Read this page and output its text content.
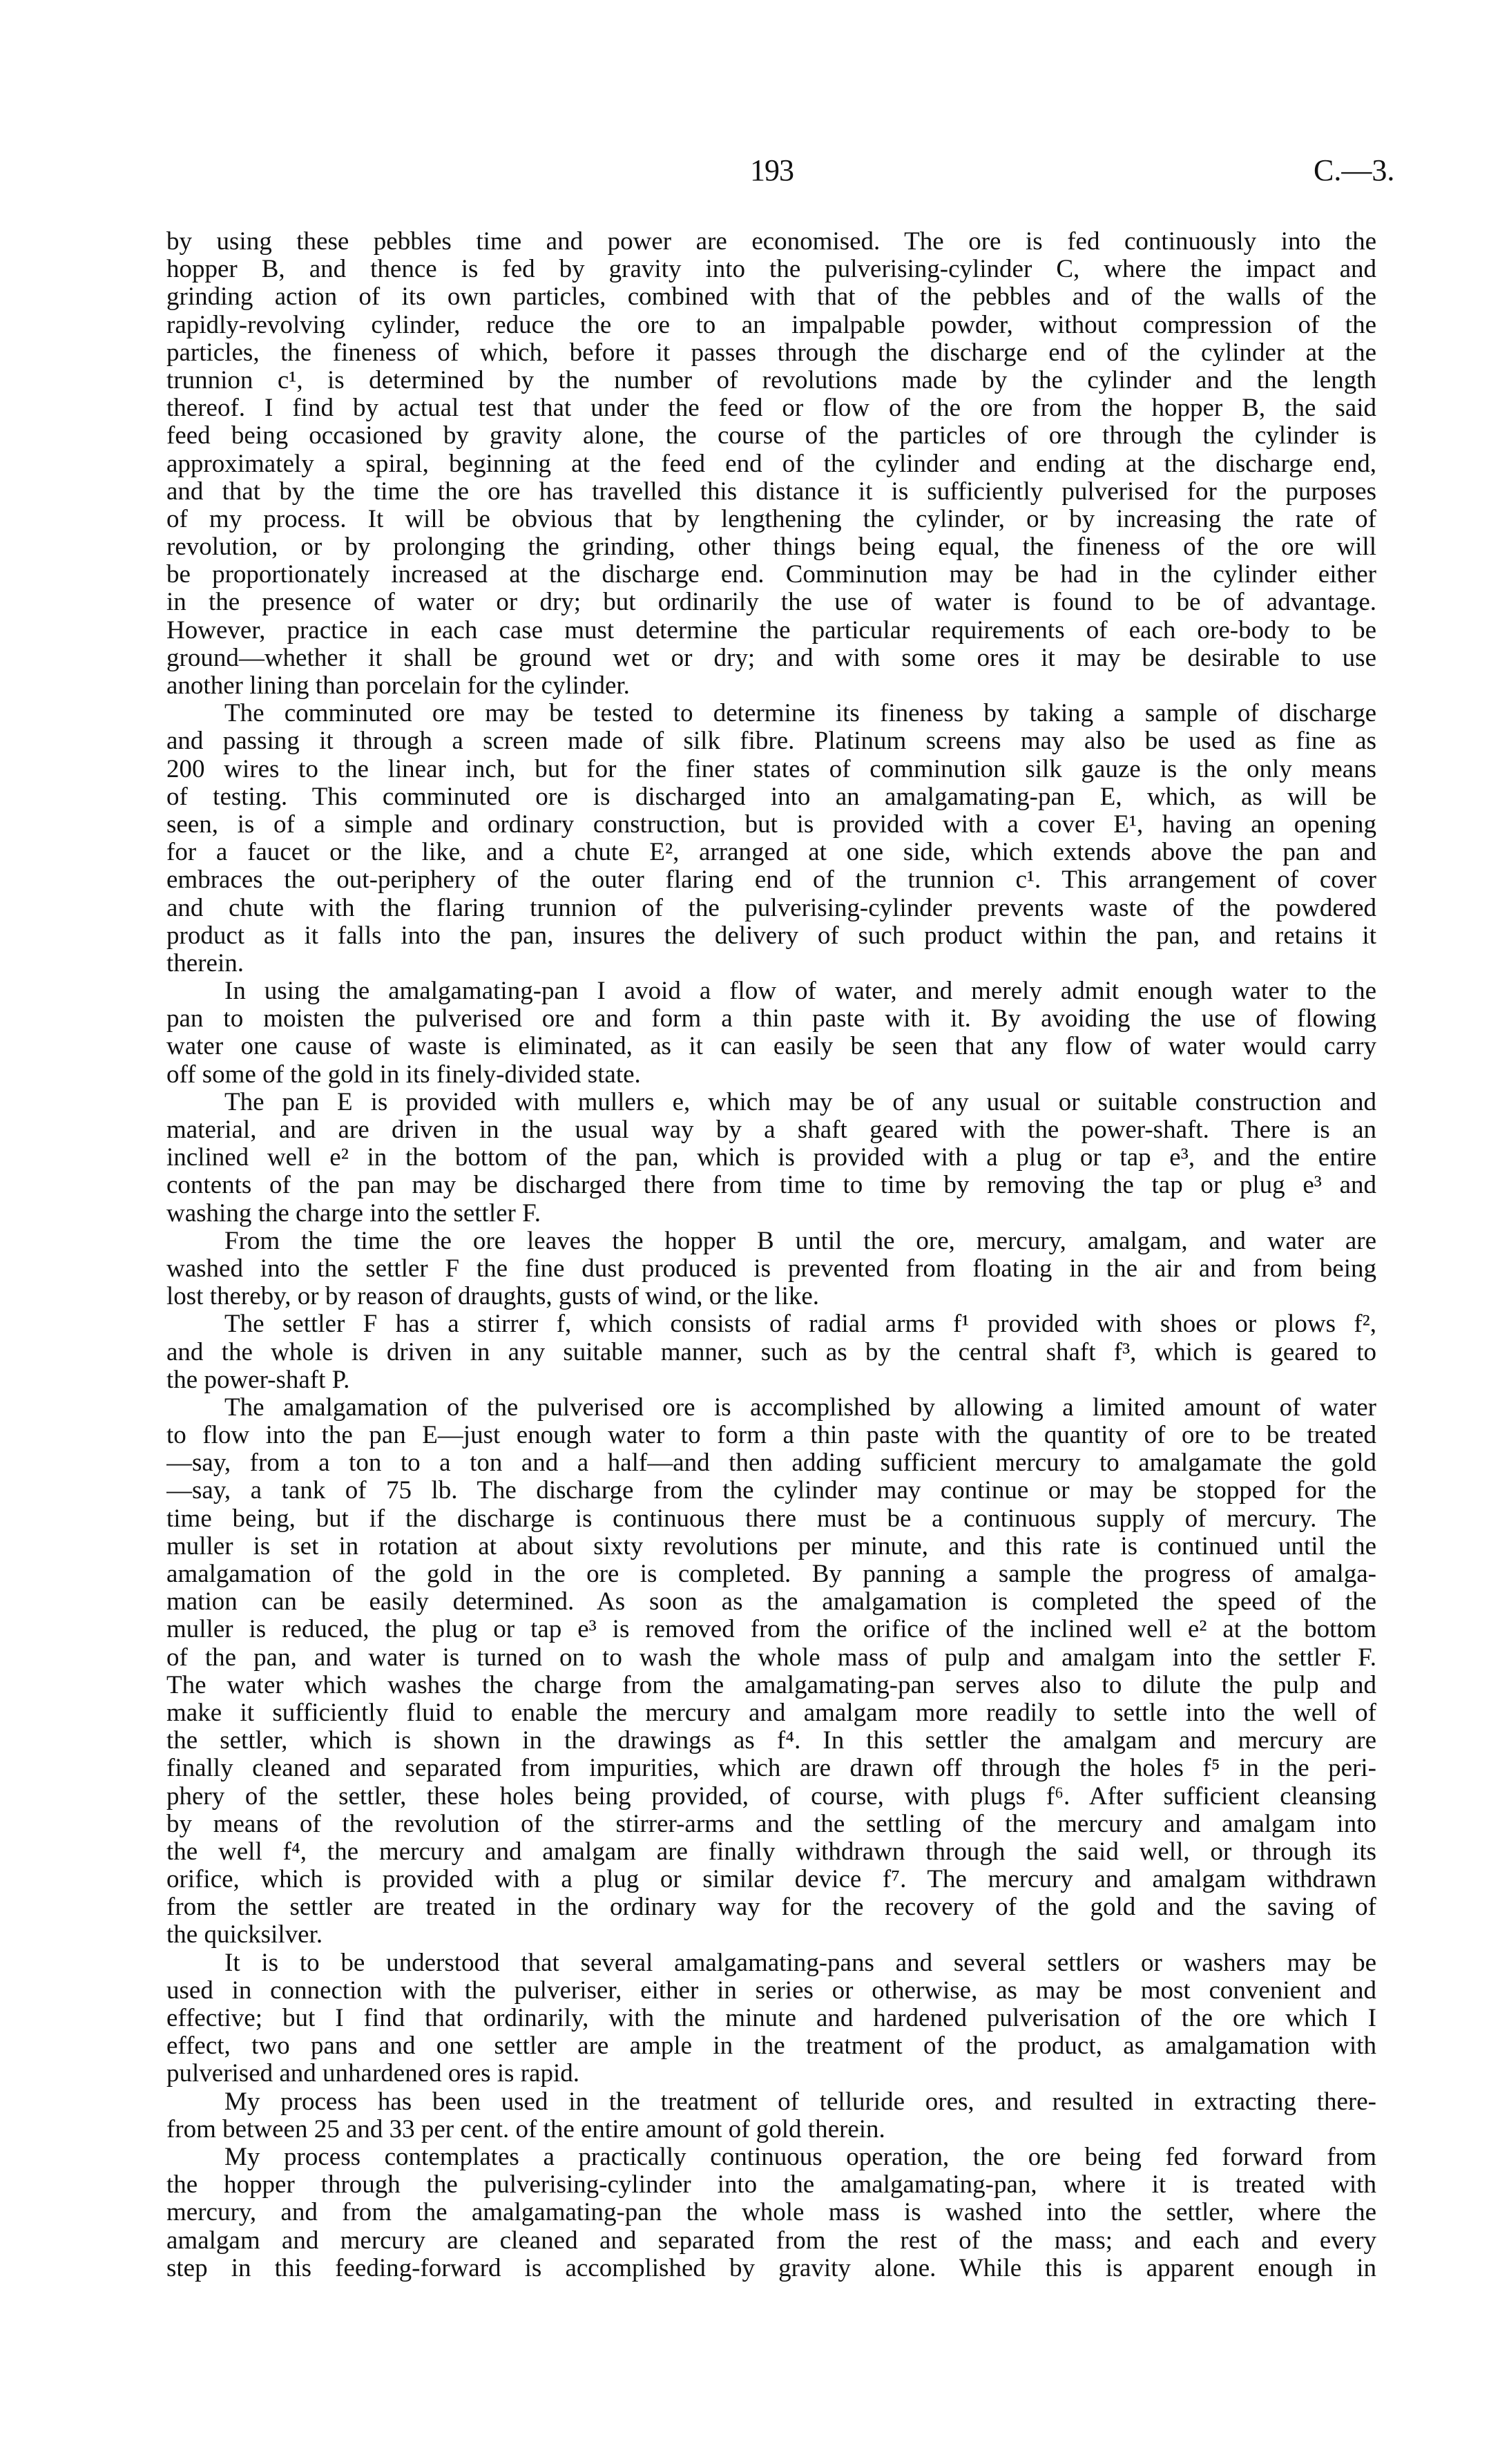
193	C.—3.
by using these pebbles time and power are economised. The ore is fed continuously into the
hopper B, and thence is fed by gravity into the pulverising-cylinder C, where the impact and
grinding action of its own particles, combined with that of the pebbles and of the walls of the
rapidly-revolving cylinder, reduce the ore to an impalpable powder, without compression of the
particles, the fineness of which, before it passes through the discharge end of the cylinder at the
trunnion c¹, is determined by the number of revolutions made by the cylinder and the length
thereof. I find by actual test that under the feed or flow of the ore from the hopper B, the said
feed being occasioned by gravity alone, the course of the particles of ore through the cylinder is
approximately a spiral, beginning at the feed end of the cylinder and ending at the discharge end,
and that by the time the ore has travelled this distance it is sufficiently pulverised for the purposes
of my process. It will be obvious that by lengthening the cylinder, or by increasing the rate of
revolution, or by prolonging the grinding, other things being equal, the fineness of the ore will
be proportionately increased at the discharge end. Comminution may be had in the cylinder either
in the presence of water or dry; but ordinarily the use of water is found to be of advantage.
However, practice in each case must determine the particular requirements of each ore-body to be
ground—whether it shall be ground wet or dry; and with some ores it may be desirable to use
another lining than porcelain for the cylinder.
The comminuted ore may be tested to determine its fineness by taking a sample of discharge
and passing it through a screen made of silk fibre. Platinum screens may also be used as fine as
200 wires to the linear inch, but for the finer states of comminution silk gauze is the only means
of testing. This comminuted ore is discharged into an amalgamating-pan E, which, as will be
seen, is of a simple and ordinary construction, but is provided with a cover E¹, having an opening
for a faucet or the like, and a chute E², arranged at one side, which extends above the pan and
embraces the out-periphery of the outer flaring end of the trunnion c¹. This arrangement of cover
and chute with the flaring trunnion of the pulverising-cylinder prevents waste of the powdered
product as it falls into the pan, insures the delivery of such product within the pan, and retains it
therein.
In using the amalgamating-pan I avoid a flow of water, and merely admit enough water to the
pan to moisten the pulverised ore and form a thin paste with it. By avoiding the use of flowing
water one cause of waste is eliminated, as it can easily be seen that any flow of water would carry
off some of the gold in its finely-divided state.
The pan E is provided with mullers e, which may be of any usual or suitable construction and
material, and are driven in the usual way by a shaft geared with the power-shaft. There is an
inclined well e² in the bottom of the pan, which is provided with a plug or tap e³, and the entire
contents of the pan may be discharged there from time to time by removing the tap or plug e³ and
washing the charge into the settler F.
From the time the ore leaves the hopper B until the ore, mercury, amalgam, and water are
washed into the settler F the fine dust produced is prevented from floating in the air and from being
lost thereby, or by reason of draughts, gusts of wind, or the like.
The settler F has a stirrer f, which consists of radial arms f¹ provided with shoes or plows f²,
and the whole is driven in any suitable manner, such as by the central shaft f³, which is geared to
the power-shaft P.
The amalgamation of the pulverised ore is accomplished by allowing a limited amount of water
to flow into the pan E—just enough water to form a thin paste with the quantity of ore to be treated
—say, from a ton to a ton and a half—and then adding sufficient mercury to amalgamate the gold
—say, a tank of 75 lb. The discharge from the cylinder may continue or may be stopped for the
time being, but if the discharge is continuous there must be a continuous supply of mercury. The
muller is set in rotation at about sixty revolutions per minute, and this rate is continued until the
amalgamation of the gold in the ore is completed. By panning a sample the progress of amalga-
mation can be easily determined. As soon as the amalgamation is completed the speed of the
muller is reduced, the plug or tap e³ is removed from the orifice of the inclined well e² at the bottom
of the pan, and water is turned on to wash the whole mass of pulp and amalgam into the settler F.
The water which washes the charge from the amalgamating-pan serves also to dilute the pulp and
make it sufficiently fluid to enable the mercury and amalgam more readily to settle into the well of
the settler, which is shown in the drawings as f⁴. In this settler the amalgam and mercury are
finally cleaned and separated from impurities, which are drawn off through the holes f⁵ in the peri-
phery of the settler, these holes being provided, of course, with plugs f⁶. After sufficient cleansing
by means of the revolution of the stirrer-arms and the settling of the mercury and amalgam into
the well f⁴, the mercury and amalgam are finally withdrawn through the said well, or through its
orifice, which is provided with a plug or similar device f⁷. The mercury and amalgam withdrawn
from the settler are treated in the ordinary way for the recovery of the gold and the saving of
the quicksilver.
It is to be understood that several amalgamating-pans and several settlers or washers may be
used in connection with the pulveriser, either in series or otherwise, as may be most convenient and
effective; but I find that ordinarily, with the minute and hardened pulverisation of the ore which I
effect, two pans and one settler are ample in the treatment of the product, as amalgamation with
pulverised and unhardened ores is rapid.
My process has been used in the treatment of telluride ores, and resulted in extracting there-
from between 25 and 33 per cent. of the entire amount of gold therein.
My process contemplates a practically continuous operation, the ore being fed forward from
the hopper through the pulverising-cylinder into the amalgamating-pan, where it is treated with
mercury, and from the amalgamating-pan the whole mass is washed into the settler, where the
amalgam and mercury are cleaned and separated from the rest of the mass; and each and every
step in this feeding-forward is accomplished by gravity alone. While this is apparent enough in
